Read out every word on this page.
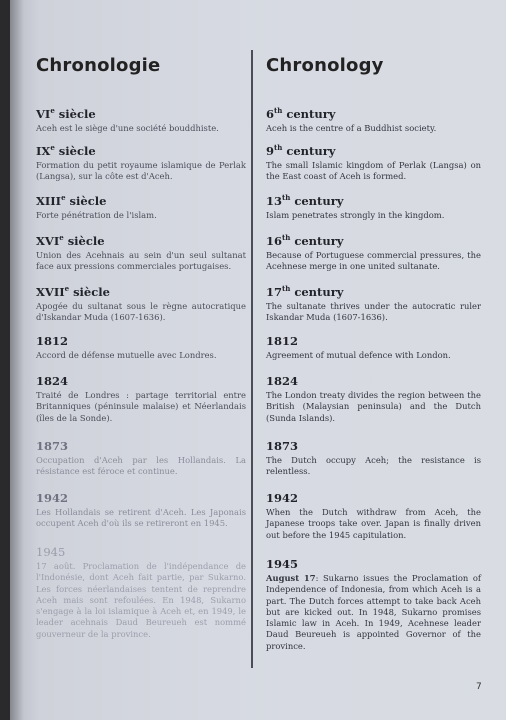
Chronologie
VIe siècle
Aceh est le siège d'une société bouddhiste.
IXe siècle
Formation du petit royaume islamique de Perlak (Langsa), sur la côte est d'Aceh.
XIIIe siècle
Forte pénétration de l'islam.
XVIe siècle
Union des Acehnais au sein d'un seul sultanat face aux pressions commerciales portugaises.
XVIIe siècle
Apogée du sultanat sous le règne autocratique d'Iskandar Muda (1607-1636).
1812
Accord de défense mutuelle avec Londres.
1824
Traité de Londres : partage territorial entre Britanniques (péninsule malaise) et Néerlandais (îles de la Sonde).
1873
Occupation d'Aceh par les Hollandais. La résistance est féroce et continue.
1942
Les Hollandais se retirent d'Aceh. Les Japonais occupent Aceh d'où ils se retireront en 1945.
1945
17 août. Proclamation de l'indépendance de l'Indonésie, dont Aceh fait partie, par Sukarno. Les forces néerlandaises tentent de reprendre Aceh mais sont refoulées. En 1948, Sukarno s'engage à la loi islamique à Aceh et, en 1949, le leader acehnais Daud Beureueh est nommé gouverneur de la province.
Chronology
6th century
Aceh is the centre of a Buddhist society.
9th century
The small Islamic kingdom of Perlak (Langsa) on the East coast of Aceh is formed.
13th century
Islam penetrates strongly in the kingdom.
16th century
Because of Portuguese commercial pressures, the Acehnese merge in one united sultanate.
17th century
The sultanate thrives under the autocratic ruler Iskandar Muda (1607-1636).
1812
Agreement of mutual defence with London.
1824
The London treaty divides the region between the British (Malaysian peninsula) and the Dutch (Sunda Islands).
1873
The Dutch occupy Aceh; the resistance is relentless.
1942
When the Dutch withdraw from Aceh, the Japanese troops take over. Japan is finally driven out before the 1945 capitulation.
1945
August 17: Sukarno issues the Proclamation of Independence of Indonesia, from which Aceh is a part. The Dutch forces attempt to take back Aceh but are kicked out. In 1948, Sukarno promises Islamic law in Aceh. In 1949, Acehnese leader Daud Beureueh is appointed Governor of the province.
7
